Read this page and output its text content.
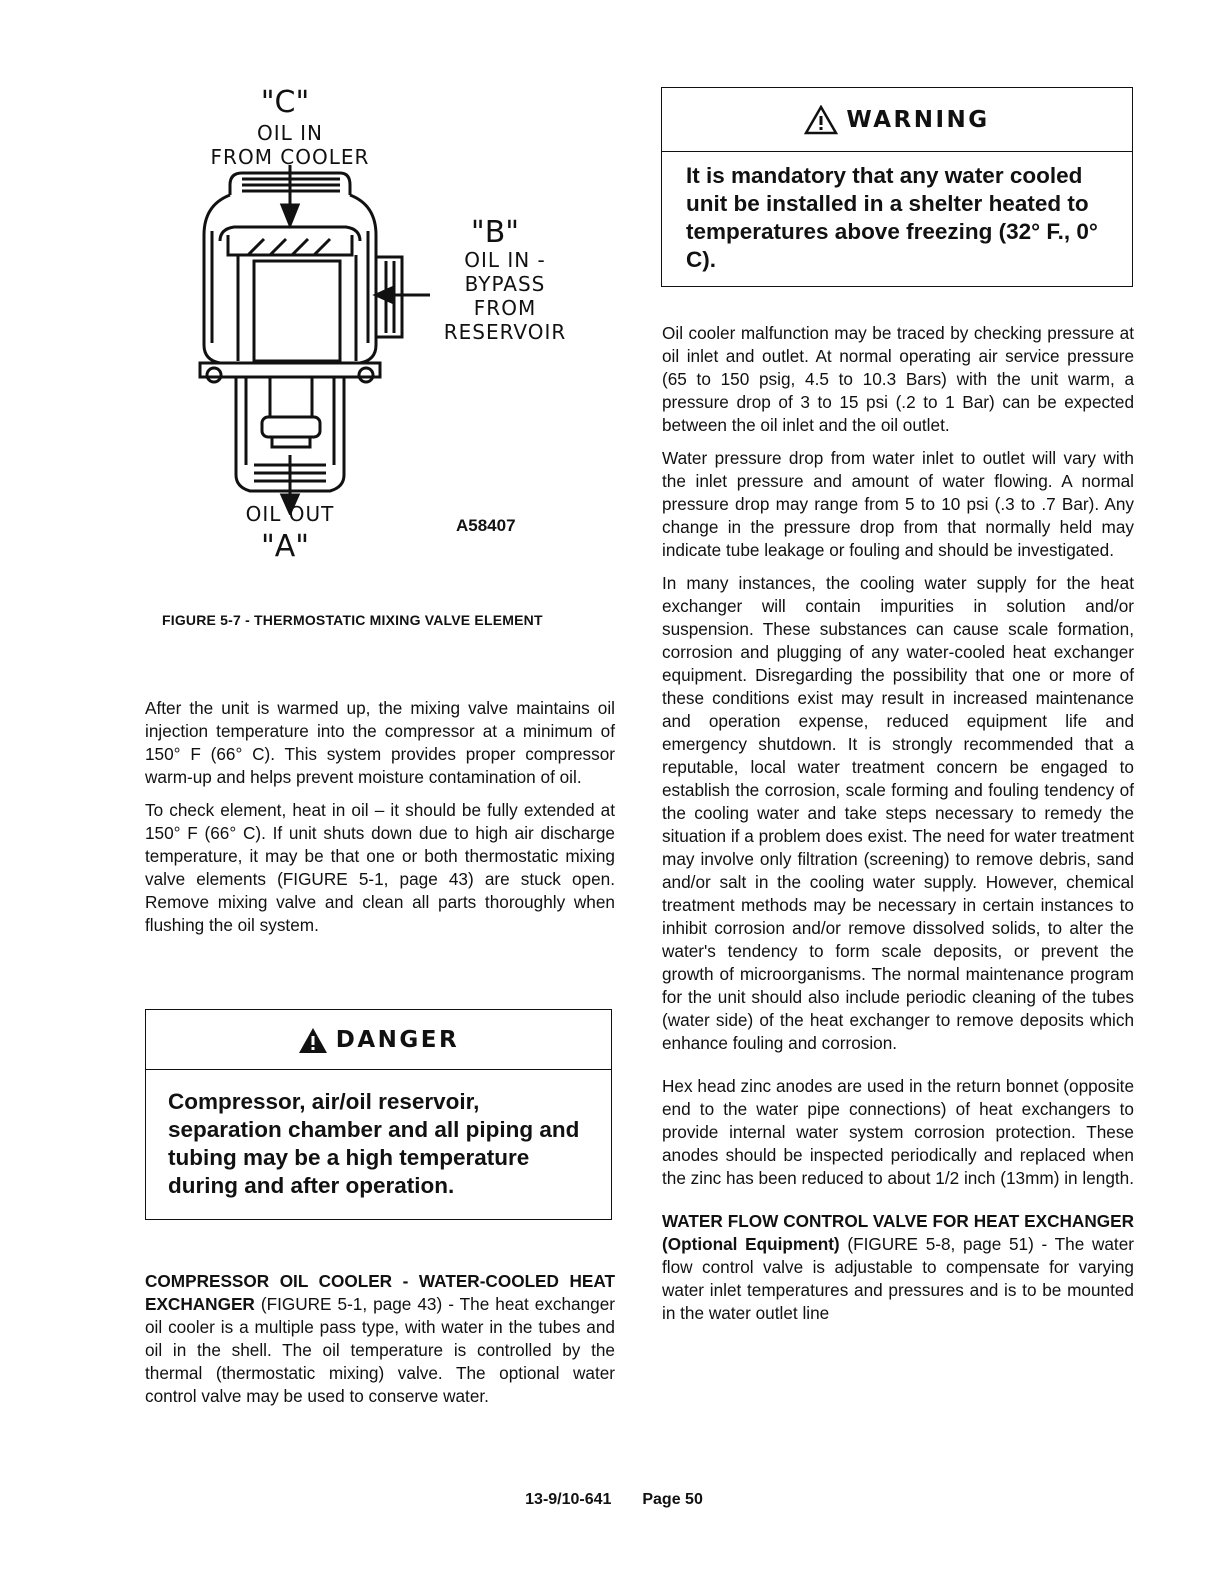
"C"
OIL IN
FROM COOLER
"B"
OIL IN -
BYPASS
FROM
RESERVOIR
OIL OUT
"A"
A58407
FIGURE 5-7 - THERMOSTATIC MIXING VALVE ELEMENT

After the unit is warmed up, the mixing valve maintains oil injection temperature into the compressor at a minimum of 150° F (66° C). This system provides proper compressor warm-up and helps prevent moisture contamination of oil.

To check element, heat in oil – it should be fully extended at 150° F (66° C). If unit shuts down due to high air discharge temperature, it may be that one or both thermostatic mixing valve elements (FIGURE 5-1, page 43) are stuck open. Remove mixing valve and clean all parts thoroughly when flushing the oil system.

DANGER
Compressor, air/oil reservoir, separation chamber and all piping and tubing may be a high temperature during and after operation.

COMPRESSOR OIL COOLER - WATER-COOLED HEAT EXCHANGER (FIGURE 5-1, page 43) - The heat exchanger oil cooler is a multiple pass type, with water in the tubes and oil in the shell. The oil temperature is controlled by the thermal (thermostatic mixing) valve. The optional water control valve may be used to conserve water.

WARNING
It is mandatory that any water cooled unit be installed in a shelter heated to temperatures above freezing (32° F., 0° C).

Oil cooler malfunction may be traced by checking pressure at oil inlet and outlet. At normal operating air service pressure (65 to 150 psig, 4.5 to 10.3 Bars) with the unit warm, a pressure drop of 3 to 15 psi (.2 to 1 Bar) can be expected between the oil inlet and the oil outlet.

Water pressure drop from water inlet to outlet will vary with the inlet pressure and amount of water flowing. A normal pressure drop may range from 5 to 10 psi (.3 to .7 Bar). Any change in the pressure drop from that normally held may indicate tube leakage or fouling and should be investigated.

In many instances, the cooling water supply for the heat exchanger will contain impurities in solution and/or suspension. These substances can cause scale formation, corrosion and plugging of any water-cooled heat exchanger equipment. Disregarding the possibility that one or more of these conditions exist may result in increased maintenance and operation expense, reduced equipment life and emergency shutdown. It is strongly recommended that a reputable, local water treatment concern be engaged to establish the corrosion, scale forming and fouling tendency of the cooling water and take steps necessary to remedy the situation if a problem does exist. The need for water treatment may involve only filtration (screening) to remove debris, sand and/or salt in the cooling water supply. However, chemical treatment methods may be necessary in certain instances to inhibit corrosion and/or remove dissolved solids, to alter the water's tendency to form scale deposits, or prevent the growth of microorganisms. The normal maintenance program for the unit should also include periodic cleaning of the tubes (water side) of the heat exchanger to remove deposits which enhance fouling and corrosion.

Hex head zinc anodes are used in the return bonnet (opposite end to the water pipe connections) of heat exchangers to provide internal water system corrosion protection. These anodes should be inspected periodically and replaced when the zinc has been reduced to about 1/2 inch (13mm) in length.

WATER FLOW CONTROL VALVE FOR HEAT EXCHANGER (Optional Equipment) (FIGURE 5-8, page 51) - The water flow control valve is adjustable to compensate for varying water inlet temperatures and pressures and is to be mounted in the water outlet line

13-9/10-641 Page 50
